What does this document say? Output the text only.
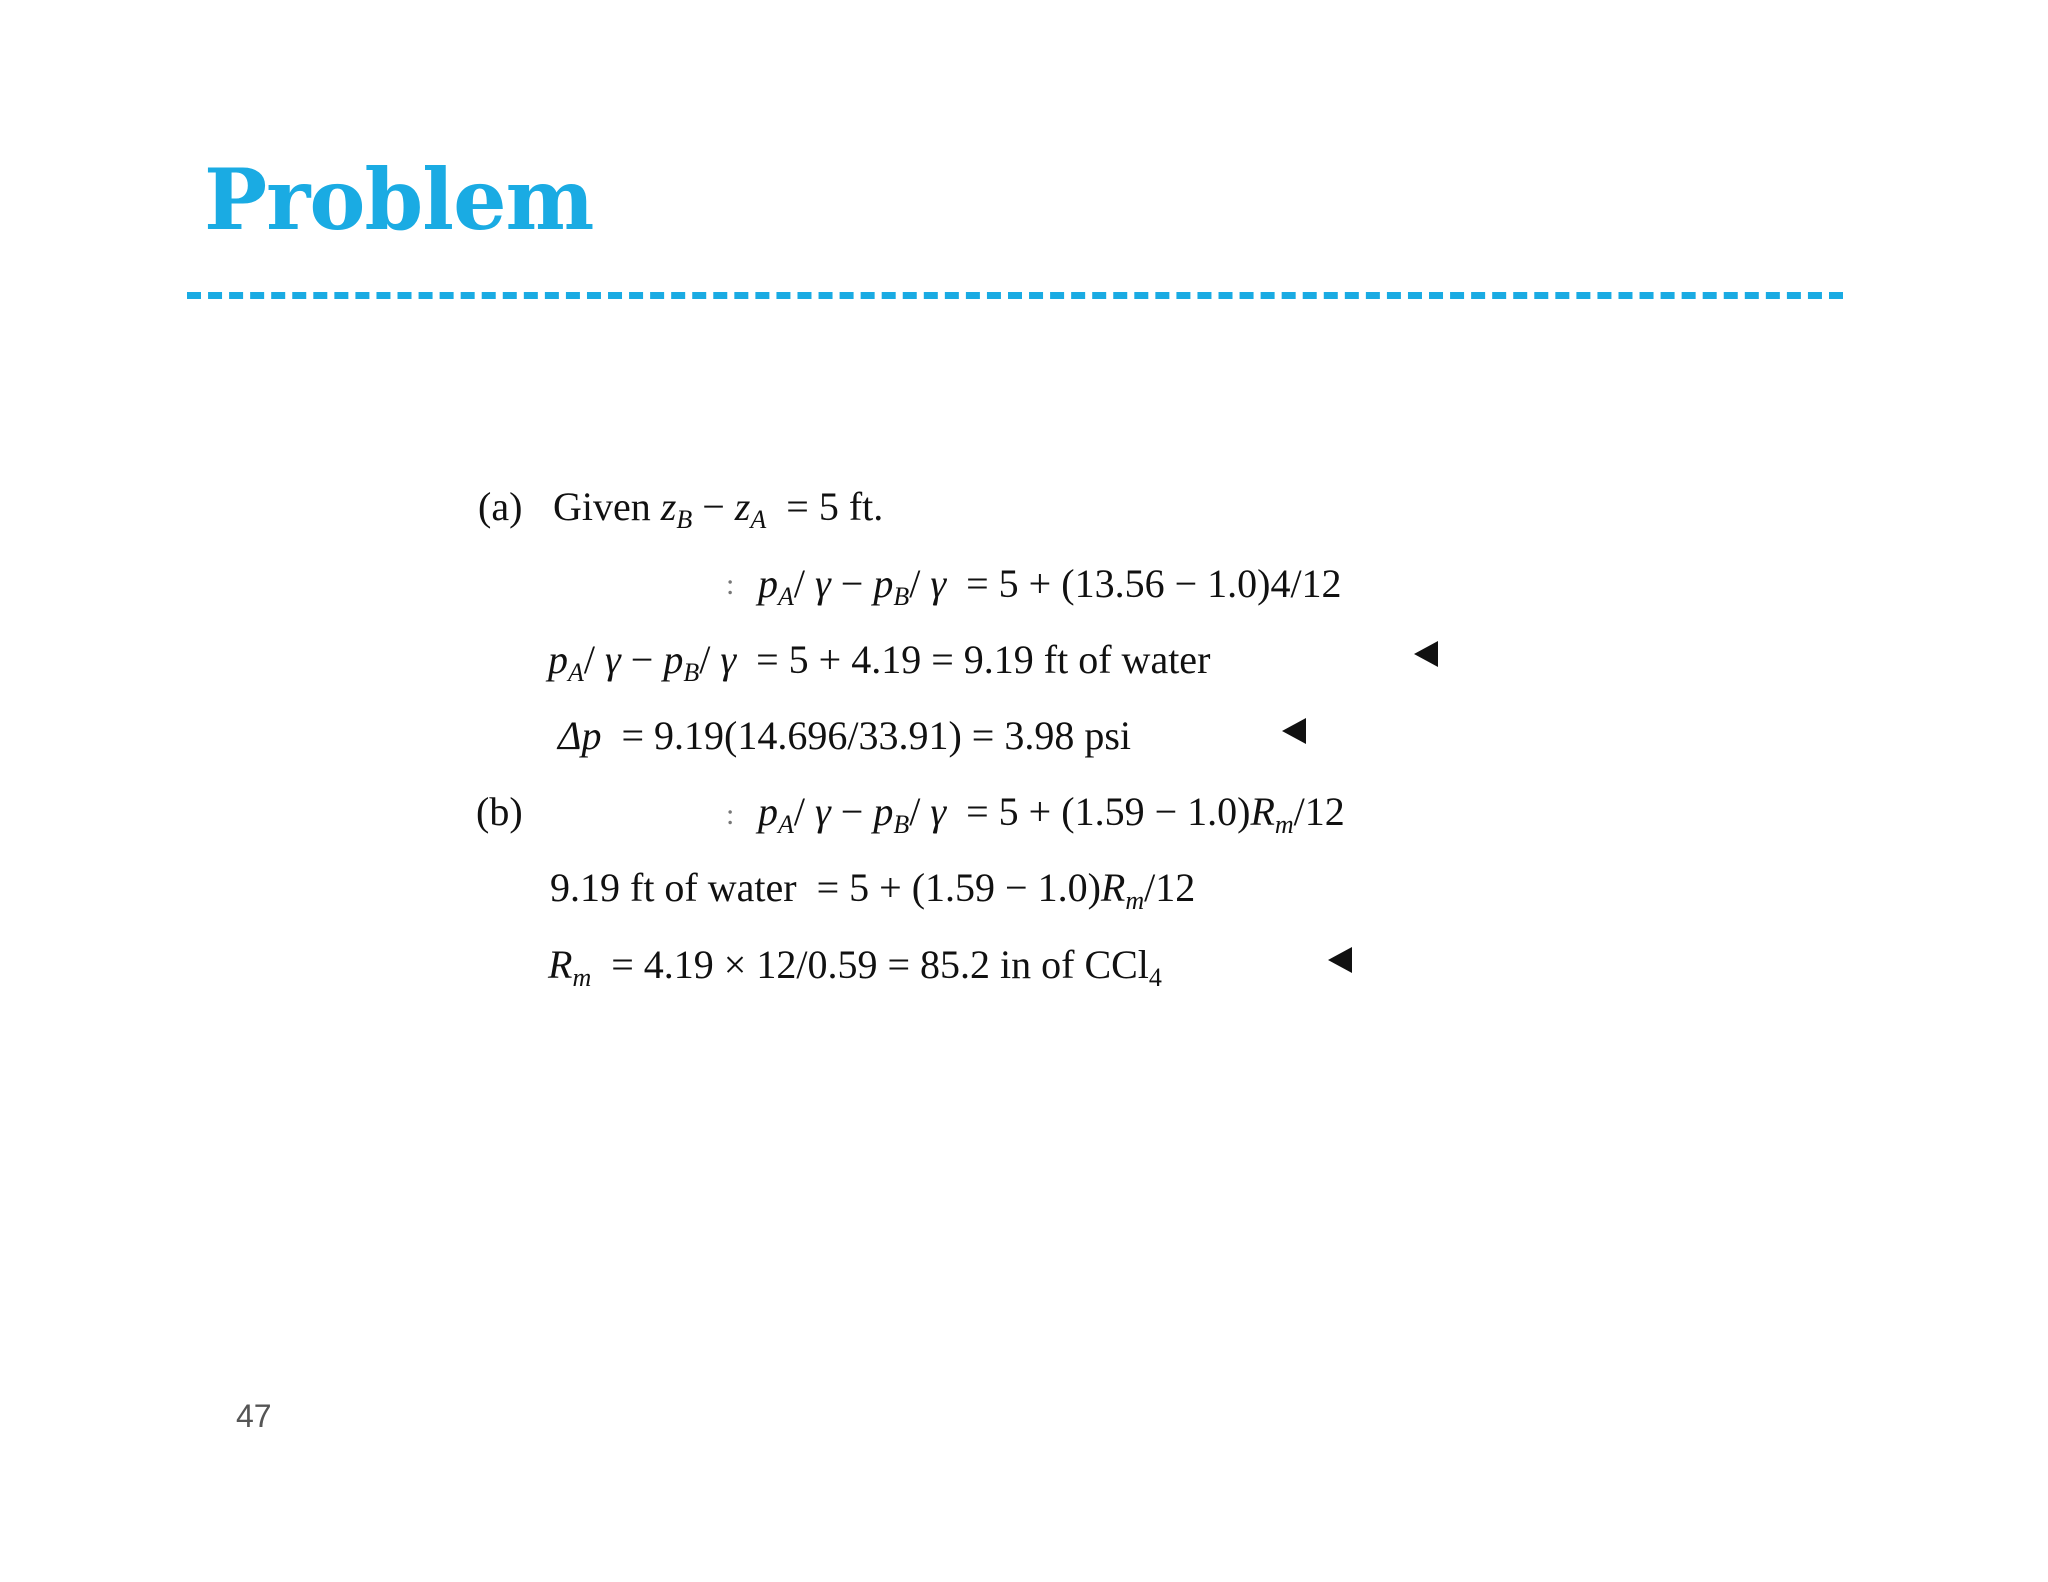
Problem
(a) Given $z_B - z_A = 5$ ft.
: $p_A/$ $\gamma - p_B/$ γ = 5 + (13.56 − 1.0)4/12
$p_A/$ $\gamma - p_B/$ γ = 5 + 4.19 = 9.19 ft of water
Δp = 9.19(14.696/33.91) = 3.98 psi
(b)	: $p_A/$ $\gamma - p_B/$ $\gamma = 5 + (1.59 - 1.0)R_m/12$
9.19 ft of water = $5 + (1.59 - 1.0)R_m/12$
$R_m = 4.19 \times 12/0.59 = 85.2$ in of CCl$_4$
47
